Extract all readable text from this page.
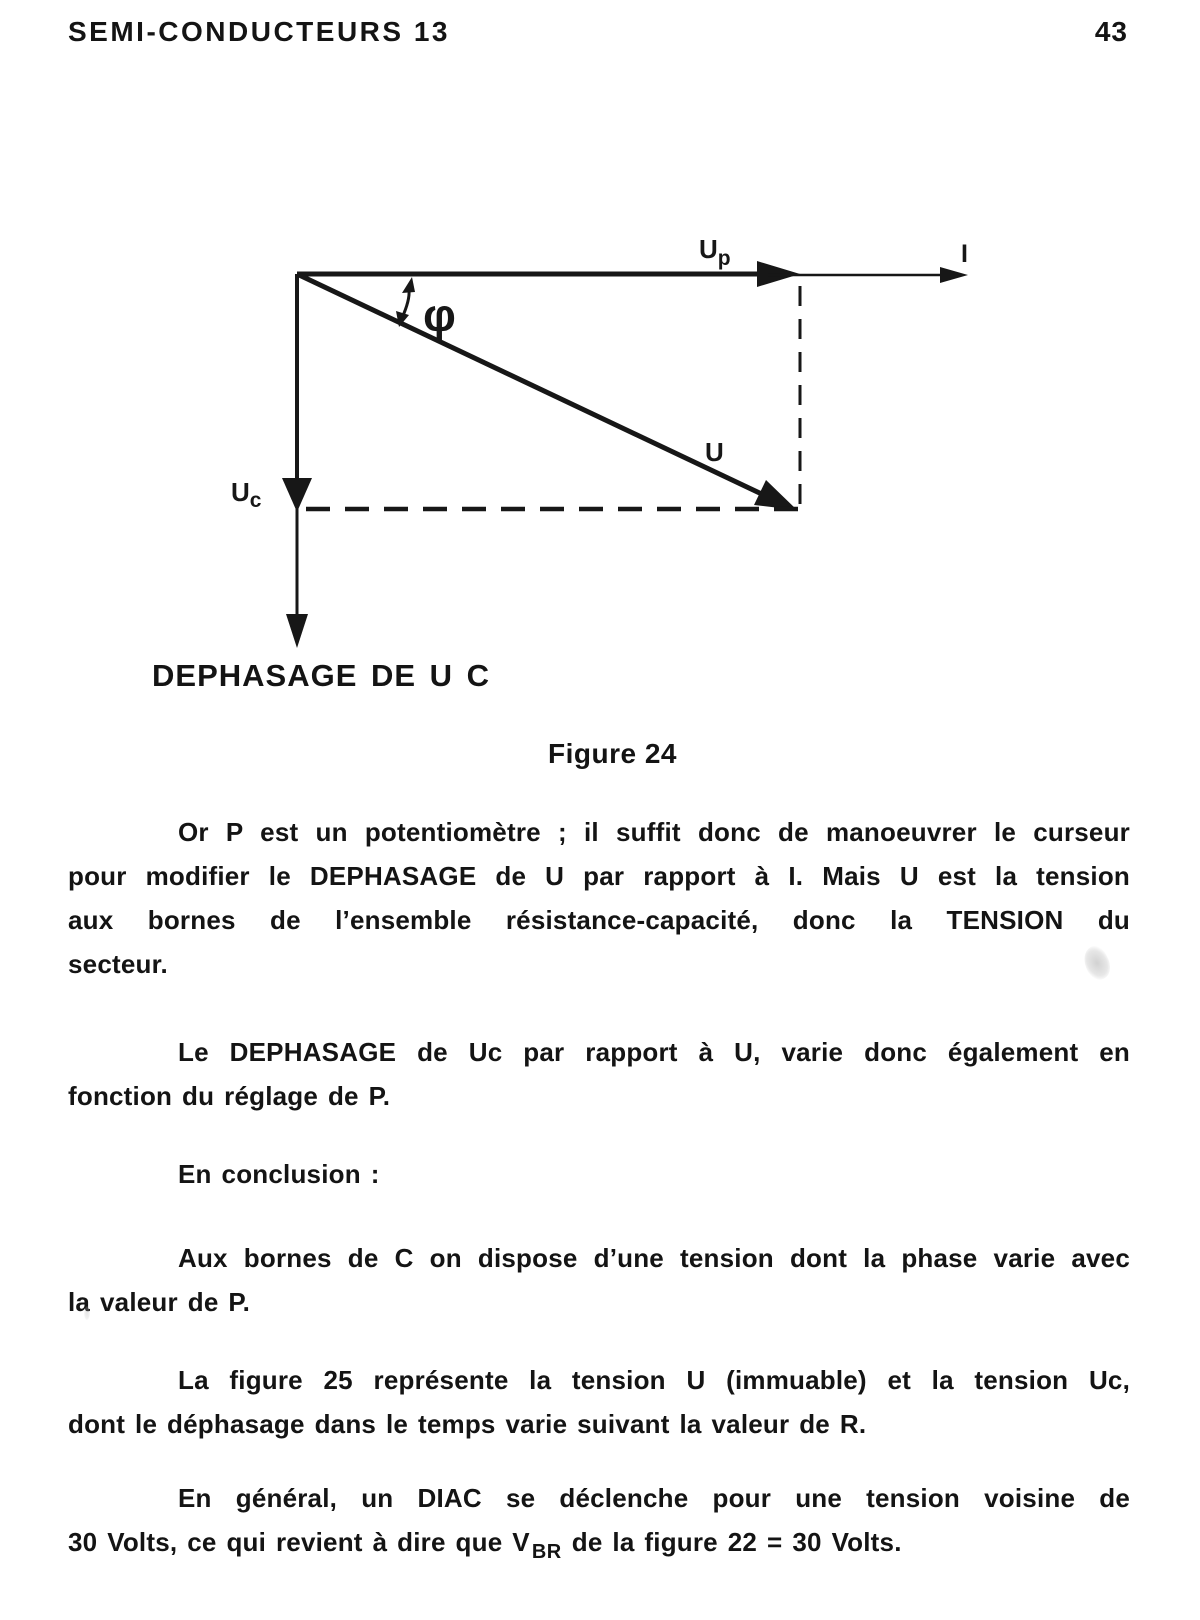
SEMI-CONDUCTEURS 13	43
$U_p$	I
U
$U_c$
φ
DEPHASAGE DE U C
Figure 24
Or P est un potentiomètre ; il suffit donc de manoeuvrer le curseur
pour modifier le DEPHASAGE de U par rapport à I. Mais U est la tension
aux bornes de l’ensemble résistance-capacité, donc la TENSION du
secteur.
Le DEPHASAGE de Uc par rapport à U, varie donc également en
fonction du réglage de P.
En conclusion :
Aux bornes de C on dispose d’une tension dont la phase varie avec
la valeur de P.
La figure 25 représente la tension U (immuable) et la tension Uc,
dont le déphasage dans le temps varie suivant la valeur de R.
En général, un DIAC se déclenche pour une tension voisine de
30 Volts, ce qui revient à dire que V $_{BR}$ de la figure 22 = 30 Volts.
